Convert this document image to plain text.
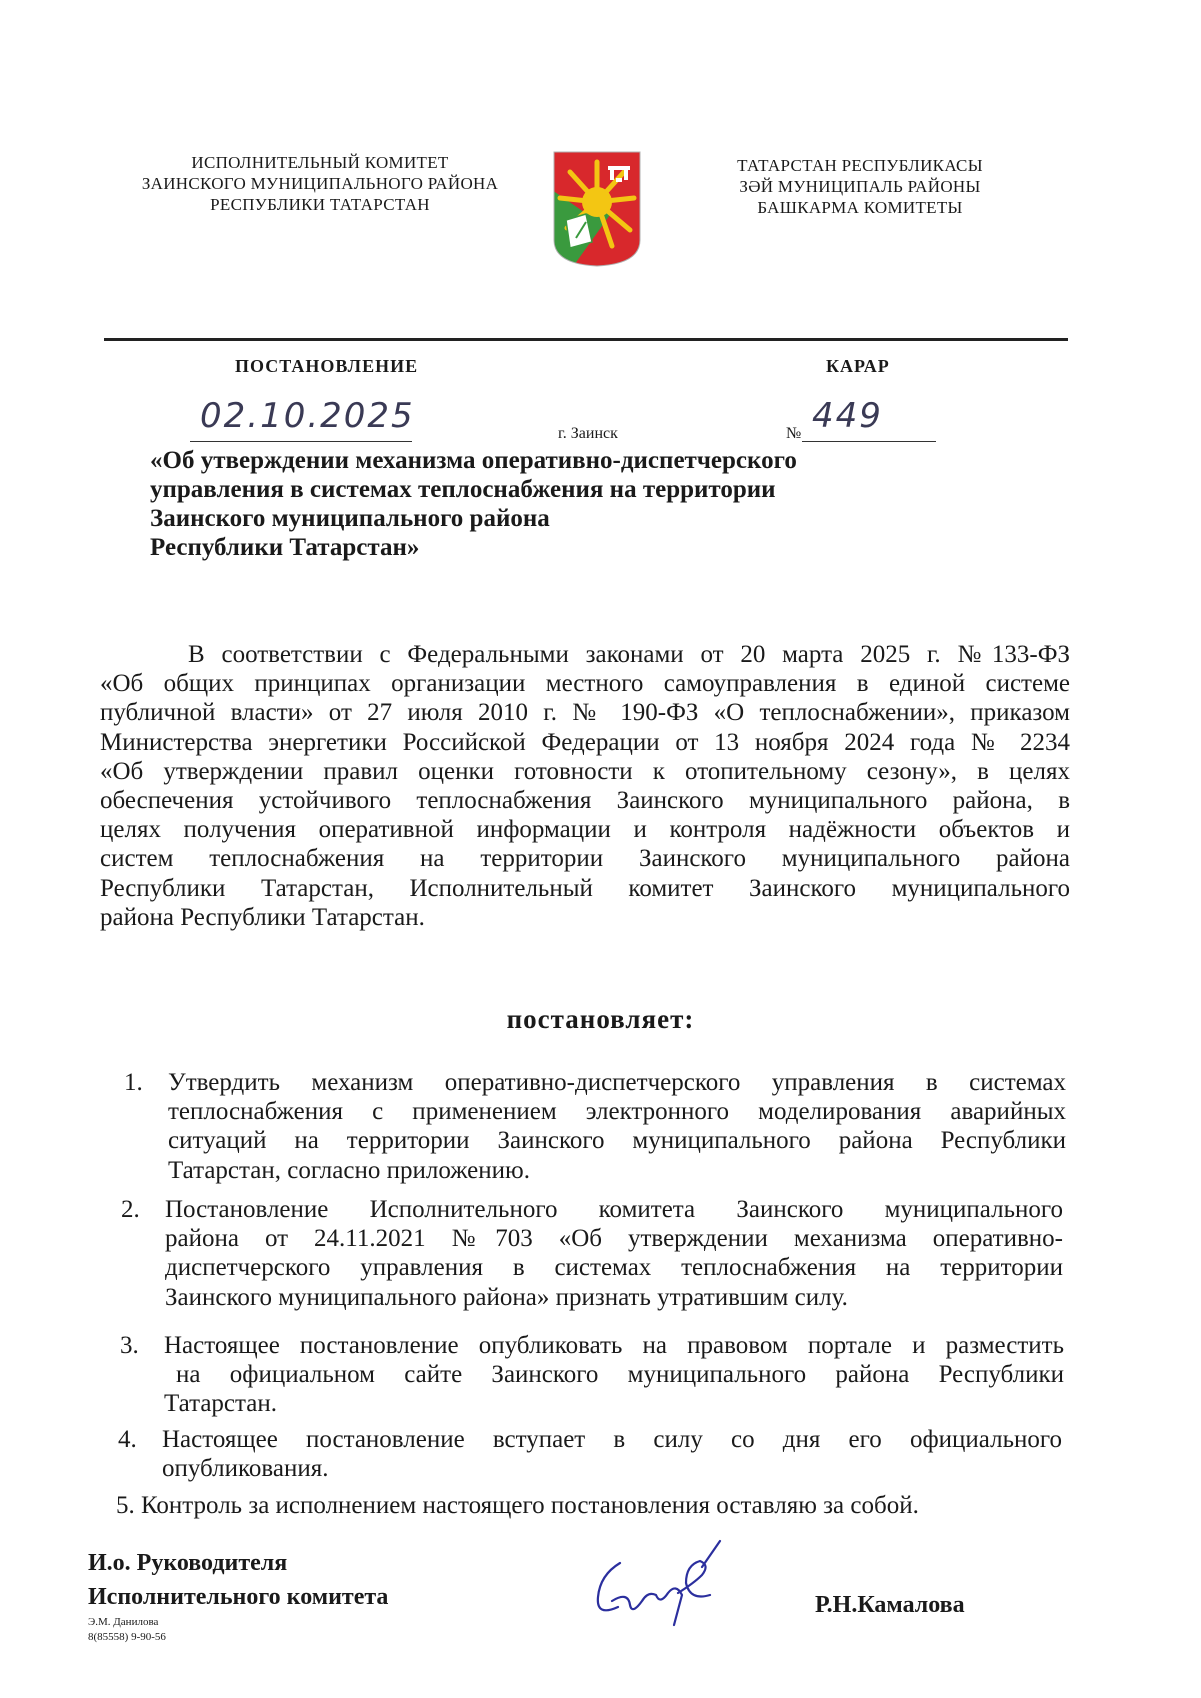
ИСПОЛНИТЕЛЬНЫЙ КОМИТЕТ
ЗАИНСКОГО МУНИЦИПАЛЬНОГО РАЙОНА
РЕСПУБЛИКИ ТАТАРСТАН
ТАТАРСТАН РЕСПУБЛИКАСЫ
ЗӘЙ МУНИЦИПАЛЬ РАЙОНЫ
БАШКАРМА КОМИТЕТЫ
ПОСТАНОВЛЕНИЕ	КАРАР
02.10.2025	г. Заинск	№ 449
«Об утверждении механизма оперативно-диспетчерского
управления в системах теплоснабжения на территории
Заинского муниципального района
Республики Татарстан»
В соответствии с Федеральными законами от 20 марта 2025 г. №133-ФЗ
«Об общих принципах организации местного самоуправления в единой системе
публичной власти» от 27 июля 2010 г. № 190-ФЗ «О теплоснабжении», приказом
Министерства энергетики Российской Федерации от 13 ноября 2024 года № 2234
«Об утверждении правил оценки готовности к отопительному сезону», в целях
обеспечения устойчивого теплоснабжения Заинского муниципального района, в
целях получения оперативной информации и контроля надёжности объектов и
систем теплоснабжения на территории Заинского муниципального района
Республики Татарстан, Исполнительный комитет Заинского муниципального
района Республики Татарстан.
постановляет:
1. Утвердить механизм оперативно-диспетчерского управления в системах
теплоснабжения с применением электронного моделирования аварийных
ситуаций на территории Заинского муниципального района Республики
Татарстан, согласно приложению.
2. Постановление Исполнительного комитета Заинского муниципального
района от 24.11.2021 №703 «Об утверждении механизма оперативно-
диспетчерского управления в системах теплоснабжения на территории
Заинского муниципального района» признать утратившим силу.
3. Настоящее постановление опубликовать на правовом портале и разместить
на официальном сайте Заинского муниципального района Республики
Татарстан.
4. Настоящее постановление вступает в силу со дня его официального
опубликования.
5. Контроль за исполнением настоящего постановления оставляю за собой.
И.о. Руководителя
Исполнительного комитета	Р.Н.Камалова
Э.М. Данилова
8(85558) 9-90-56
